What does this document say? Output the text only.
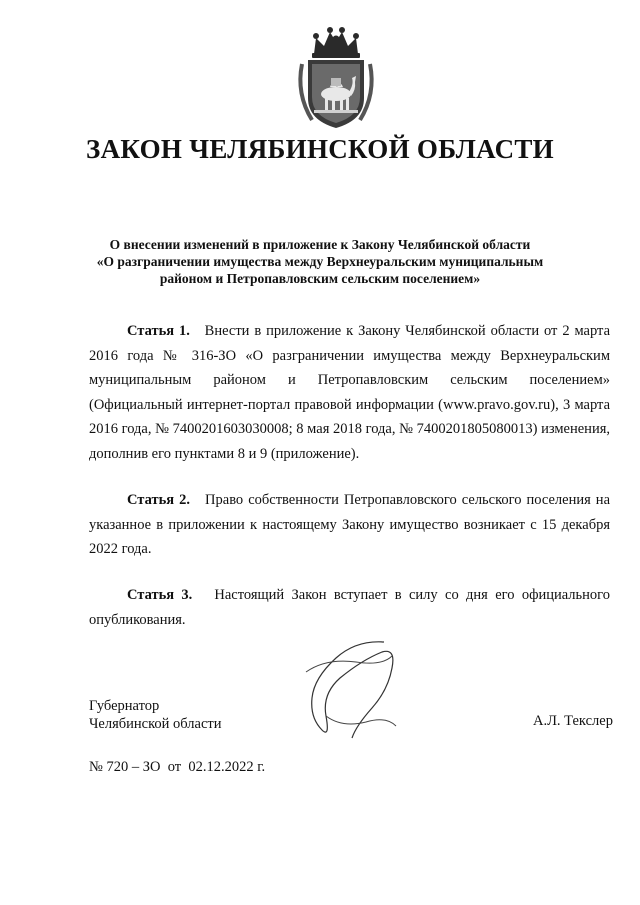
ЗАКОН ЧЕЛЯБИНСКОЙ ОБЛАСТИ
О внесении изменений в приложение к Закону Челябинской области
«О разграничении имущества между Верхнеуральским муниципальным
районом и Петропавловским сельским поселением»
Статья 1. Внести в приложение к Закону Челябинской области от 2 марта 2016 года № 316-ЗО «О разграничении имущества между Верхнеуральским муниципальным районом и Петропавловским сельским поселением» (Официальный интернет-портал правовой информации (www.pravo.gov.ru), 3 марта 2016 года, № 7400201603030008; 8 мая 2018 года, № 7400201805080013) изменения, дополнив его пунктами 8 и 9 (приложение).
Статья 2. Право собственности Петропавловского сельского поселения на указанное в приложении к настоящему Закону имущество возникает с 15 декабря 2022 года.
Статья 3. Настоящий Закон вступает в силу со дня его официального опубликования.
Губернатор
Челябинской области	А.Л. Текслер
№ 720 – ЗО  от  02.12.2022 г.
